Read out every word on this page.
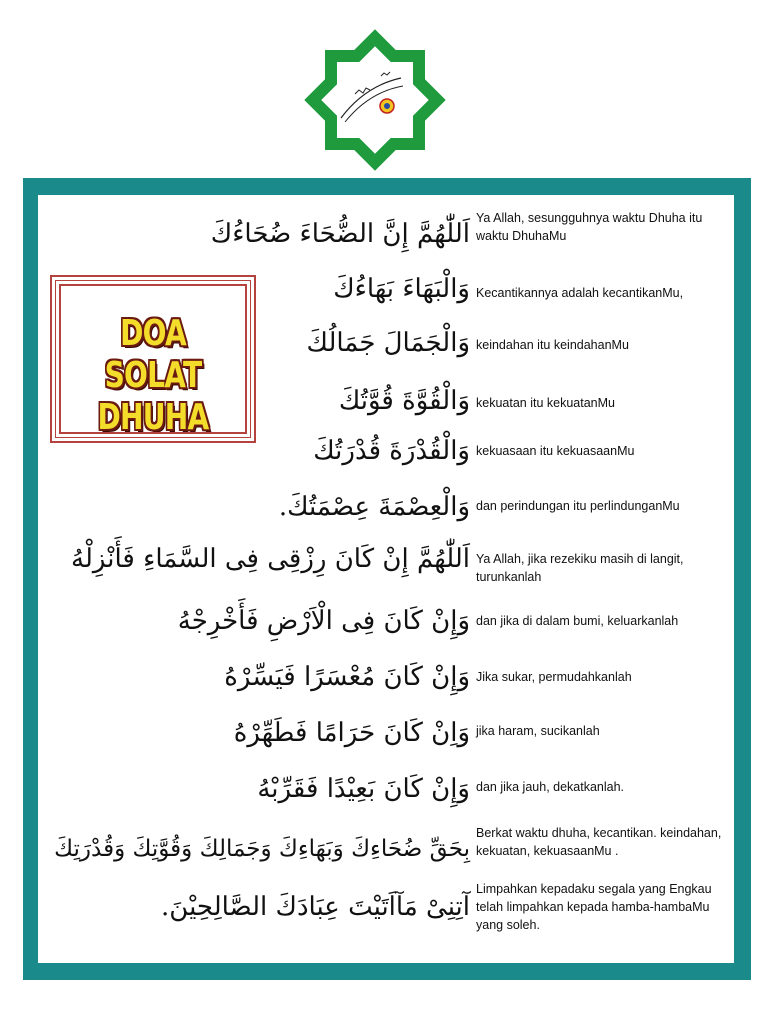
DOA SOLAT
DHUHA
اَللّٰهُمَّ إِنَّ الضُّحَاءَ ضُحَاءُكَ
Ya Allah, sesungguhnya waktu Dhuha itu waktu DhuhaMu
وَالْبَهَاءَ بَهَاءُكَ Kecantikannya adalah kecantikanMu,
وَالْجَمَالَ جَمَالُكَ keindahan itu keindahanMu
وَالْقُوَّةَ قُوَّتُكَ kekuatan itu kekuatanMu
وَالْقُدْرَةَ قُدْرَتُكَ kekuasaan itu kekuasaanMu
وَالْعِصْمَةَ عِصْمَتُكَ. dan perindungan itu perlindunganMu
اَللّٰهُمَّ إِنْ كَانَ رِزْقِى فِى السَّمَاءِ فَأَنْزِلْهُ Ya Allah, jika rezekiku masih di langit, turunkanlah
وَإِنْ كَانَ فِى الْاَرْضِ فَأَخْرِجْهُ dan jika di dalam bumi, keluarkanlah
وَإِنْ كَانَ مُعْسَرًا فَيَسِّرْهُ Jika sukar, permudahkanlah
وَاِنْ كَانَ حَرَامًا فَطَهِّرْهُ jika haram, sucikanlah
وَإِنْ كَانَ بَعِيْدًا فَقَرِّبْهُ dan jika jauh, dekatkanlah.
بِحَقِّ ضُحَاءِكَ وَبَهَاءِكَ وَجَمَالِكَ وَقُوَّتِكَ وَقُدْرَتِكَ
Berkat waktu dhuha, kecantikan. keindahan, kekuatan, kekuasaanMu .
آتِنِىْ مَآاَتَيْتَ عِبَادَكَ الصَّالِحِيْنَ.
Limpahkan kepadaku segala yang Engkau telah limpahkan kepada hamba-hambaMu yang soleh.
